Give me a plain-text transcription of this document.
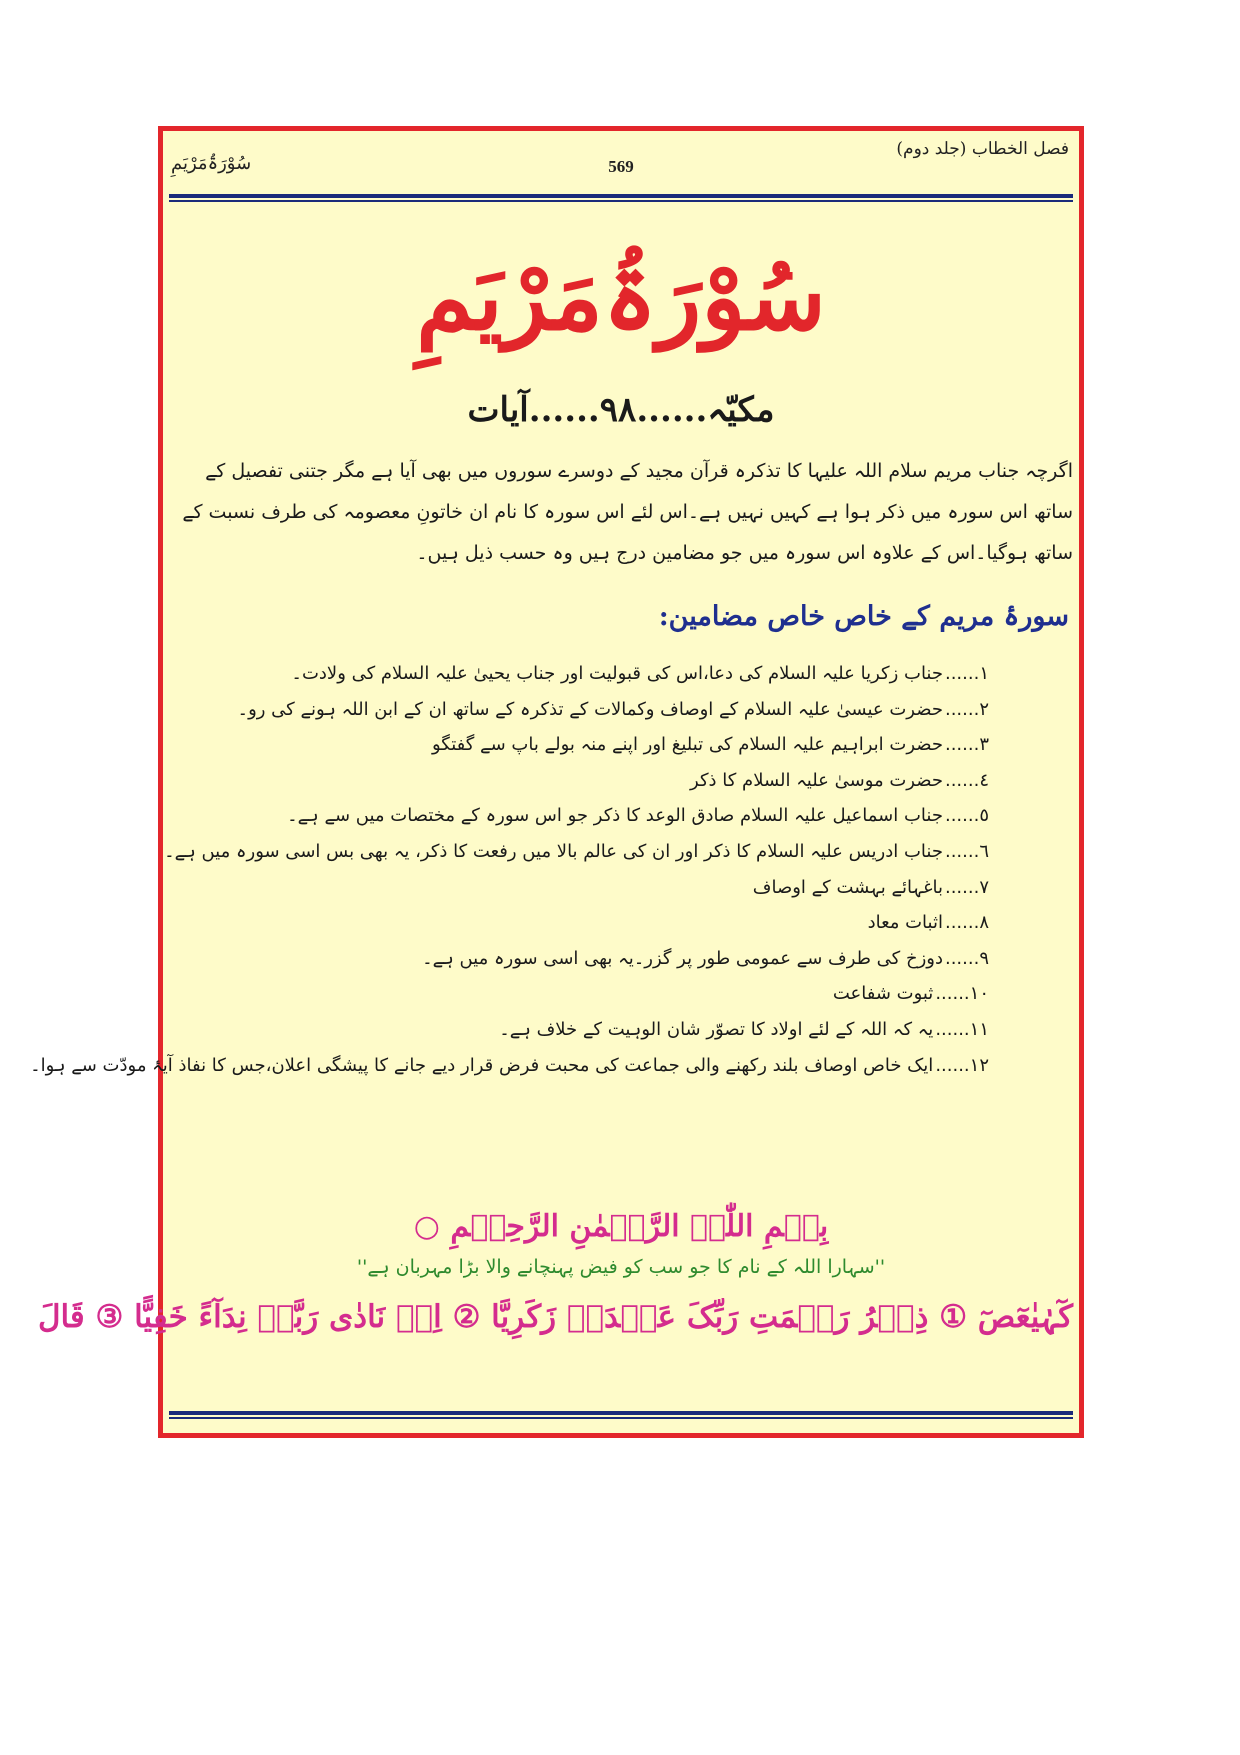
سُوْرَۃُمَرْیَمِ	569
فصل الخطاب (جلد دوم)
سُوْرَۃُمَرْیَمِ
مکیّہ......٩٨......آیات
اگرچہ جناب مریم سلام اللہ علیہا کا تذکرہ قرآن مجید کے دوسرے سوروں میں بھی آیا ہے مگر جتنی تفصیل کے ساتھ اس سورہ میں ذکر ہوا ہے کہیں نہیں ہے۔اس لئے اس سورہ کا نام ان خاتونِ معصومہ کی طرف نسبت کے ساتھ ہوگیا۔اس کے علاوہ اس سورہ میں جو مضامین درج ہیں وہ حسب ذیل ہیں۔
سورۂ مریم کے خاص خاص مضامین:
١......جناب زکریا علیہ السلام کی دعا،اس کی قبولیت اور جناب یحییٰ علیہ السلام کی ولادت۔
٢......حضرت عیسیٰ علیہ السلام کے اوصاف وکمالات کے تذکرہ کے ساتھ ان کے ابن اللہ ہونے کی رو۔
٣......حضرت ابراہیم علیہ السلام کی تبلیغ اور اپنے منہ بولے باپ سے گفتگو
٤......حضرت موسیٰ علیہ السلام کا ذکر
٥......جناب اسماعیل علیہ السلام صادق الوعد کا ذکر جو اس سورہ کے مختصات میں سے ہے۔
٦......جناب ادریس علیہ السلام کا ذکر اور ان کی عالم بالا میں رفعت کا ذکر، یہ بھی بس اسی سورہ میں ہے۔
٧......باغہائے بہشت کے اوصاف
٨......اثبات معاد
٩......دوزخ کی طرف سے عمومی طور پر گزر۔یہ بھی اسی سورہ میں ہے۔
١٠......ثبوت شفاعت
١١......یہ کہ اللہ کے لئے اولاد کا تصوّر شان الوہیت کے خلاف ہے۔
١٢......ایک خاص اوصاف بلند رکھنے والی جماعت کی محبت فرض قرار دیے جانے کا پیشگی اعلان،جس کا نفاذ آیۂ مودّت سے ہوا۔
بِسۡمِ اللّٰہِ الرَّحۡمٰنِ الرَّحِیۡمِ ○
''سہارا اللہ کے نام کا جو سب کو فیض پہنچانے والا بڑا مہربان ہے''
کٓہٰیٰعٓصٓ ① ذِکۡرُ رَحۡمَتِ رَبِّکَ عَبۡدَہٗ زَکَرِیَّا ② اِذۡ نَادٰی رَبَّہٗ نِدَآءً خَفِیًّا ③ قَالَ
